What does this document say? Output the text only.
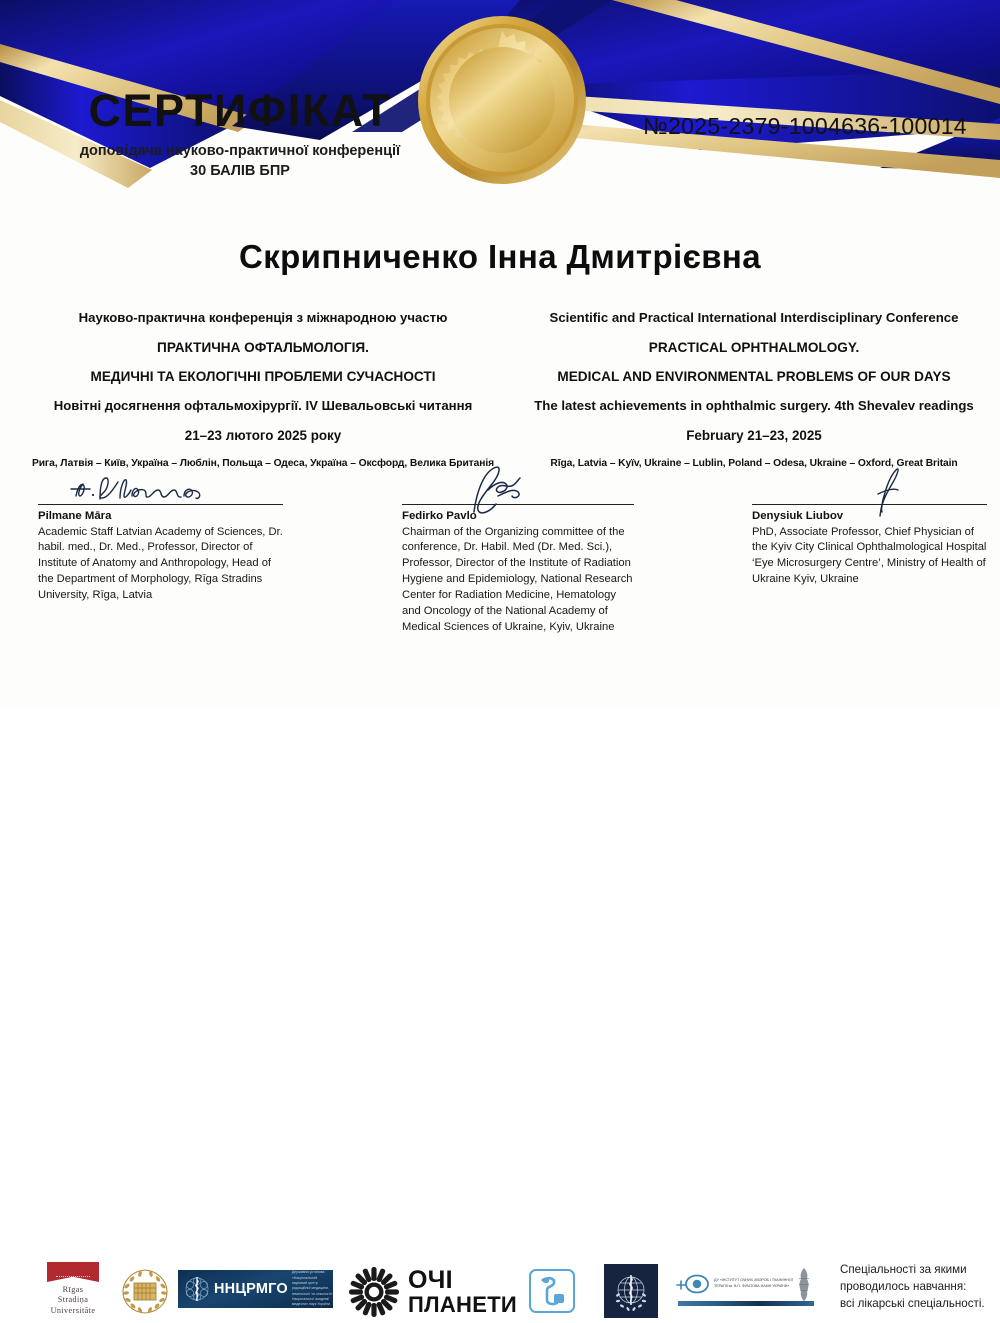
СЕРТИФІКАТ
доповідача науково-практичної конференції
30 БАЛІВ БПР
№2025-2379-1004636-100014
Скрипниченко Інна Дмитрієвна
Науково-практична конференція з міжнародною участю
ПРАКТИЧНА ОФТАЛЬМОЛОГІЯ.
МЕДИЧНІ ТА ЕКОЛОГІЧНІ ПРОБЛЕМИ СУЧАСНОСТІ
Новітні досягнення офтальмохірургії. IV Шевальовські читання
21–23 лютого 2025 року
Рига, Латвія – Київ, Україна – Люблін, Польща – Одеса, Україна – Оксфорд, Велика Британія
Scientific and Practical International Interdisciplinary Conference
PRACTICAL OPHTHALMOLOGY.
MEDICAL AND ENVIRONMENTAL PROBLEMS OF OUR DAYS
The latest achievements in ophthalmic surgery. 4th Shevalev readings
February 21–23, 2025
Rīga, Latvia – Kyїv, Ukraine – Lublin, Poland – Odesa, Ukraine – Oxford, Great Britain
Pilmane Māra
Academic Staff Latvian Academy of Sciences, Dr. habil. med., Dr. Med., Professor, Director of Institute of Anatomy and Anthropology, Head of the Department of Morphology, Rīga Stradins University, Rīga, Latvia
Fedirko Pavlo
Chairman of the Organizing committee of the conference, Dr. Habil. Med (Dr. Med. Sci.), Professor, Director of the Institute of Radiation Hygiene and Epidemiology, National Research Center for Radiation Medicine, Hematology and Oncology of the National Academy of Medical Sciences of Ukraine, Kyiv, Ukraine
Denysiuk Liubov
PhD, Associate Professor, Chief Physician of the Kyiv City Clinical Ophthalmological Hospital ‘Eye Microsurgery Centre’, Ministry of Health of Ukraine Kyiv, Ukraine
Rīgas
Stradiņa
Universitāte
ННЦРМГО
Державна установа «Національний науковий центр радіаційної медицини, гематології та онкології» Національної академії медичних наук України
ОЧІ
ПЛАНЕТИ
ДУ «ІНСТИТУТ ОЧНИХ ХВОРОБ І ТКАНИННОЇ ТЕРАПІЇ ім. В.П. ФІЛАТОВА НАМН УКРАЇНИ»
Спеціальності за якими
проводилось навчання:
всі лікарські спеціальності.
